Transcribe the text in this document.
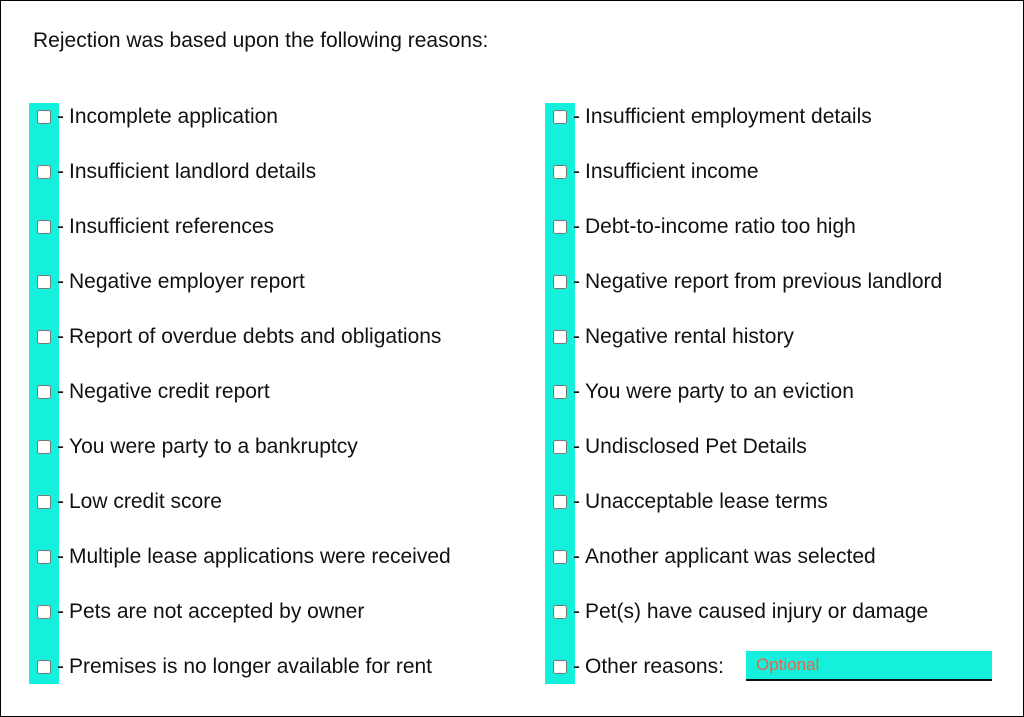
Rejection was based upon the following reasons:
- Incomplete application
- Insufficient landlord details
- Insufficient references
- Negative employer report
- Report of overdue debts and obligations
- Negative credit report
- You were party to a bankruptcy
- Low credit score
- Multiple lease applications were received
- Pets are not accepted by owner
- Premises is no longer available for rent
- Insufficient employment details
- Insufficient income
- Debt-to-income ratio too high
- Negative report from previous landlord
- Negative rental history
- You were party to an eviction
- Undisclosed Pet Details
- Unacceptable lease terms
- Another applicant was selected
- Pet(s) have caused injury or damage
- Other reasons:
Optional
